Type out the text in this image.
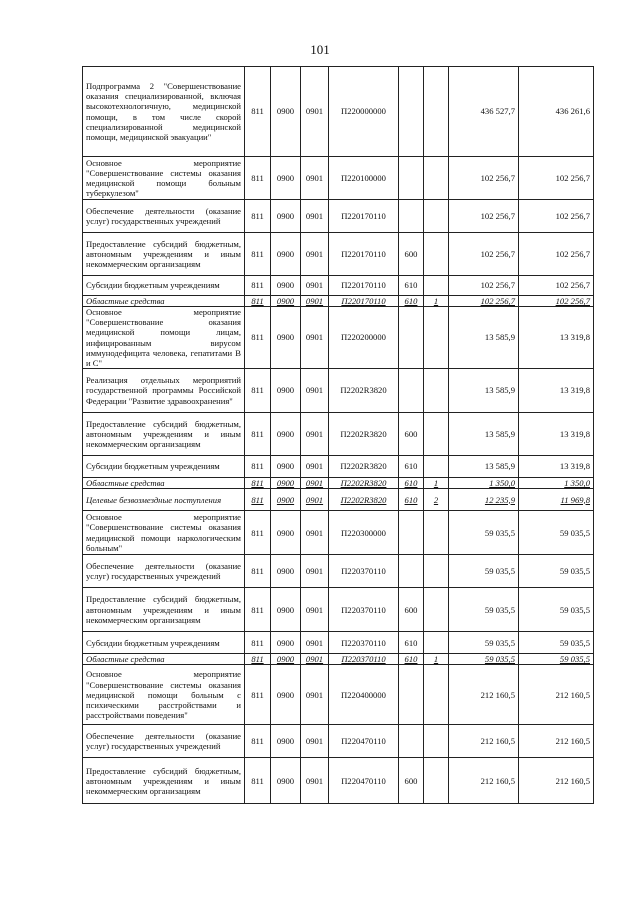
101
Подпрограмма 2 "Совершенствование оказания специализированной, включая высокотехнологичную, медицинской помощи, в том числе скорой специализированной медицинской помощи, медицинской эвакуации"	811	0900	0901	П220000000			436 527,7	436 261,6
Основное мероприятие "Совершенствование системы оказания медицинской помощи больным туберкулезом"	811	0900	0901	П220100000			102 256,7	102 256,7
Обеспечение деятельности (оказание услуг) государственных учреждений	811	0900	0901	П220170110			102 256,7	102 256,7
Предоставление субсидий бюджетным, автономным учреждениям и иным некоммерческим организациям	811	0900	0901	П220170110	600		102 256,7	102 256,7
Субсидии бюджетным учреждениям	811	0900	0901	П220170110	610		102 256,7	102 256,7
Областные средства	811	0900	0901	П220170110	610	1	102 256,7	102 256,7
Основное мероприятие "Совершенствование оказания медицинской помощи лицам, инфицированным вирусом иммунодефицита человека, гепатитами B и C"	811	0900	0901	П220200000			13 585,9	13 319,8
Реализация отдельных мероприятий государственной программы Российской Федерации "Развитие здравоохранения"	811	0900	0901	П2202R3820			13 585,9	13 319,8
Предоставление субсидий бюджетным, автономным учреждениям и иным некоммерческим организациям	811	0900	0901	П2202R3820	600		13 585,9	13 319,8
Субсидии бюджетным учреждениям	811	0900	0901	П2202R3820	610		13 585,9	13 319,8
Областные средства	811	0900	0901	П2202R3820	610	1	1 350,0	1 350,0
Целевые безвозмездные поступления	811	0900	0901	П2202R3820	610	2	12 235,9	11 969,8
Основное мероприятие "Совершенствование системы оказания медицинской помощи наркологическим больным"	811	0900	0901	П220300000			59 035,5	59 035,5
Обеспечение деятельности (оказание услуг) государственных учреждений	811	0900	0901	П220370110			59 035,5	59 035,5
Предоставление субсидий бюджетным, автономным учреждениям и иным некоммерческим организациям	811	0900	0901	П220370110	600		59 035,5	59 035,5
Субсидии бюджетным учреждениям	811	0900	0901	П220370110	610		59 035,5	59 035,5
Областные средства	811	0900	0901	П220370110	610	1	59 035,5	59 035,5
Основное мероприятие "Совершенствование системы оказания медицинской помощи больным с психическими расстройствами и расстройствами поведения"	811	0900	0901	П220400000			212 160,5	212 160,5
Обеспечение деятельности (оказание услуг) государственных учреждений	811	0900	0901	П220470110			212 160,5	212 160,5
Предоставление субсидий бюджетным, автономным учреждениям и иным некоммерческим организациям	811	0900	0901	П220470110	600		212 160,5	212 160,5
